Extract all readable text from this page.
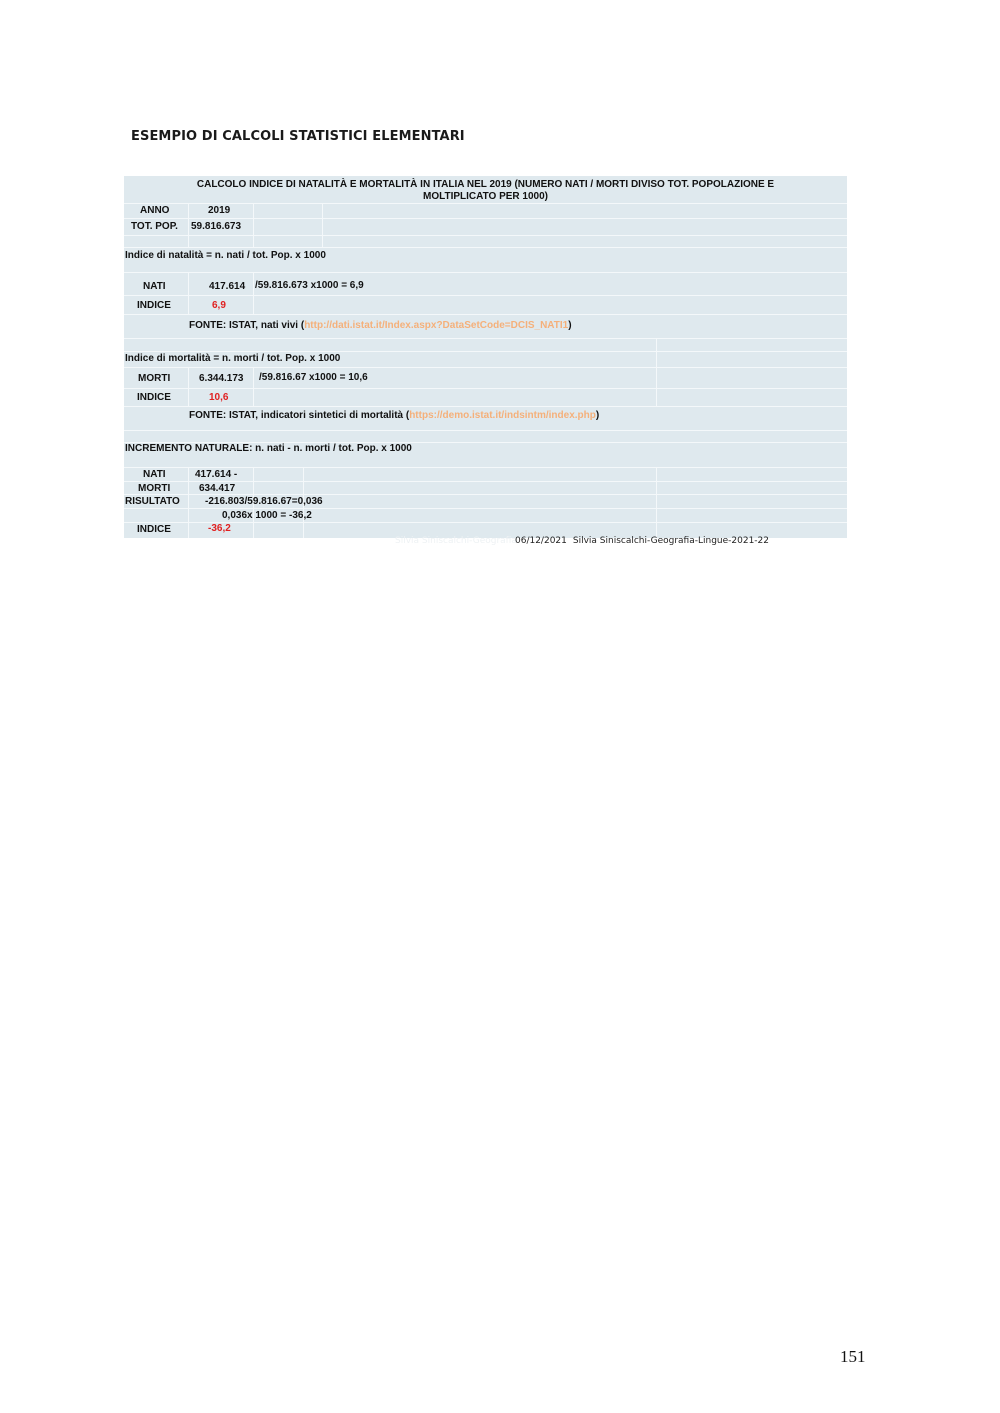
ESEMPIO DI CALCOLI STATISTICI ELEMENTARI
CALCOLO INDICE DI NATALITÀ E MORTALITÀ IN ITALIA NEL 2019 (NUMERO NATI / MORTI DIVISO TOT. POPOLAZIONE E
MOLTIPLICATO PER 1000)
ANNO	2019
TOT. POP. 59.816.673
Indice di natalità = n. nati / tot. Pop. x 1000
NATI	417.614 /59.816.673 x1000 = 6,9
INDICE	6,9
FONTE: ISTAT, nati vivi (http://dati.istat.it/Index.aspx?DataSetCode=DCIS_NATI1)
Indice di mortalità = n. morti / tot. Pop. x 1000
MORTI	6.344.173 /59.816.67 x1000 = 10,6
INDICE	10,6
FONTE: ISTAT, indicatori sintetici di mortalità (https://demo.istat.it/indsintm/index.php)
INCREMENTO NATURALE: n. nati - n. morti / tot. Pop. x 1000
NATI	417.614 -
MORTI	634.417
RISULTATO	-216.803/59.816.67=0,036
0,036x 1000 = -36,2
INDICE	-36,2
Silvia Siniscalchi-Geografia
06/12/2021 Silvia Siniscalchi-Geografia-Lingue-2021-22
151
